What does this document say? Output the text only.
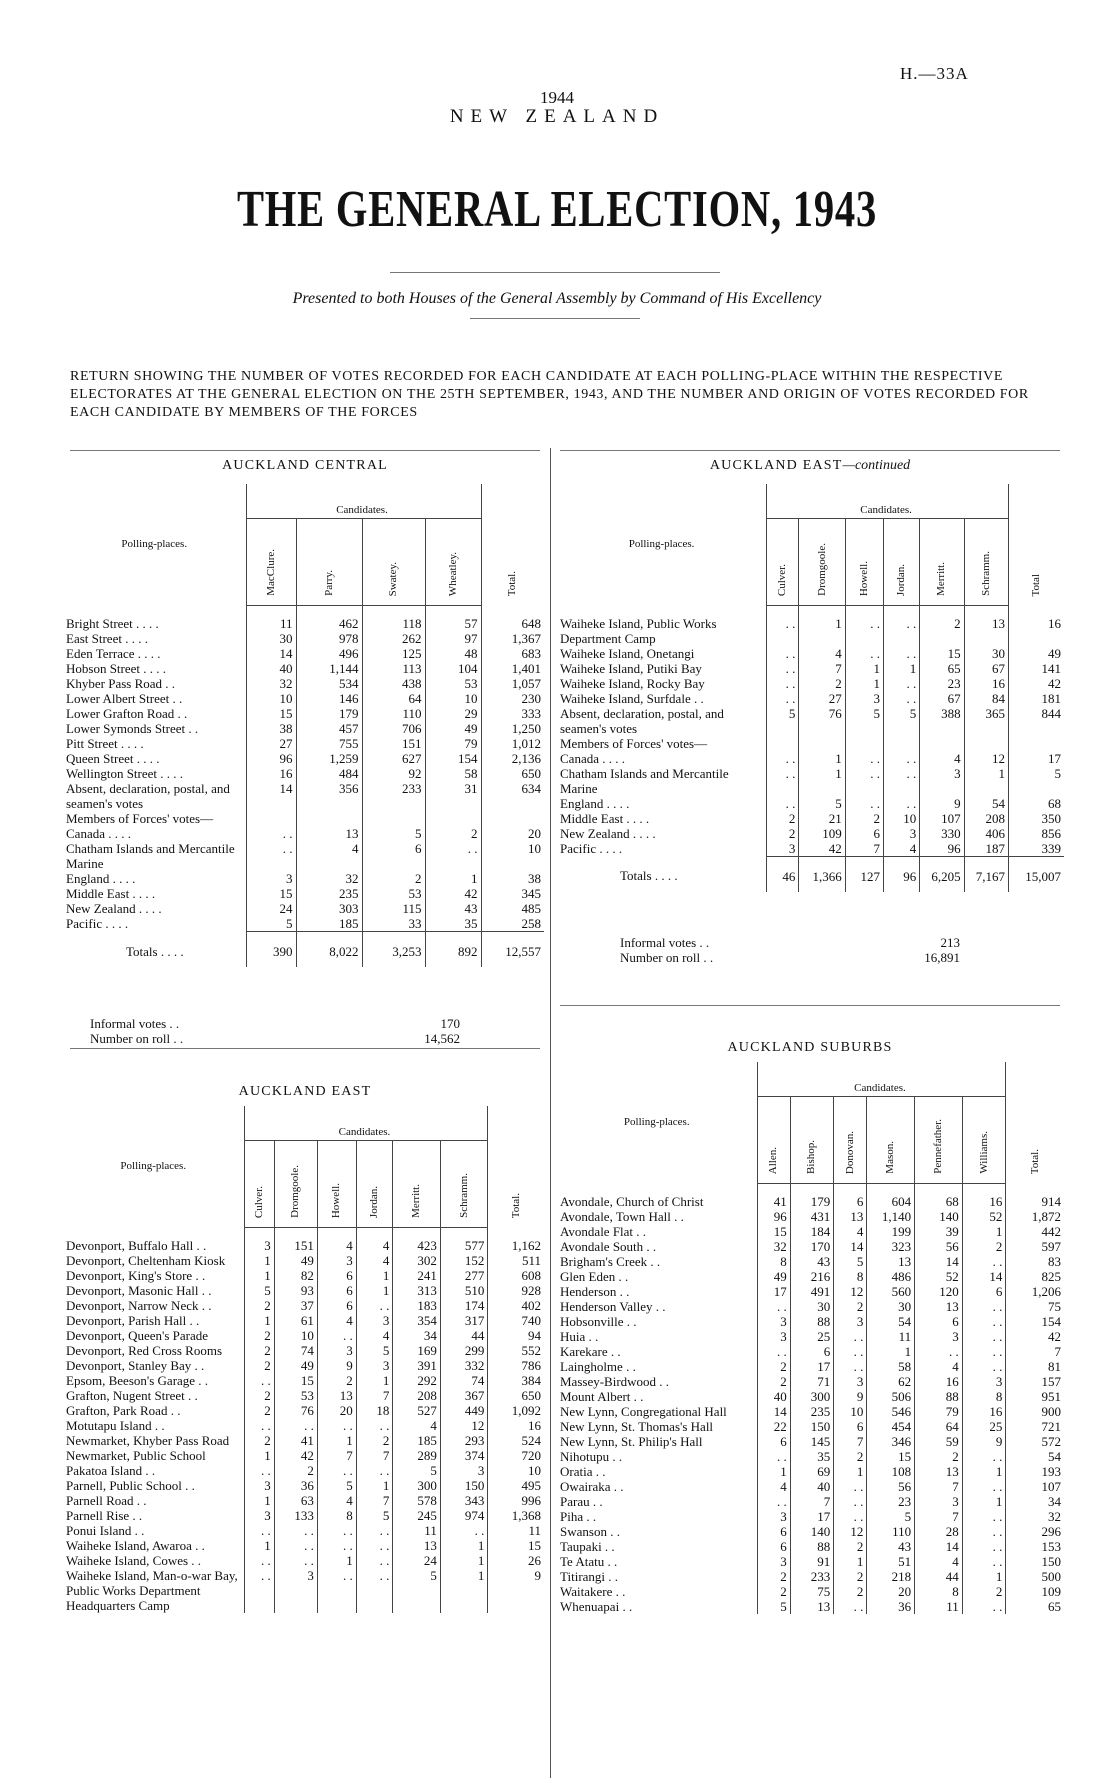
H.—33A
1944
NEW ZEALAND
THE GENERAL ELECTION, 1943
Presented to both Houses of the General Assembly by Command of His Excellency
RETURN SHOWING THE NUMBER OF VOTES RECORDED FOR EACH CANDIDATE AT EACH POLLING-PLACE WITHIN THE RESPECTIVE ELECTORATES AT THE GENERAL ELECTION ON THE 25TH SEPTEMBER, 1943, AND THE NUMBER AND ORIGIN OF VOTES RECORDED FOR EACH CANDIDATE BY MEMBERS OF THE FORCES
AUCKLAND CENTRAL
Polling-places.	Candidates.				Total.
	MacClure.	Parry.	Swatey.	Wheatley.	
Bright Street . . . .	11	462	118	57	648
East Street . . . .	30	978	262	97	1,367
Eden Terrace . . . .	14	496	125	48	683
Hobson Street . . . .	40	1,144	113	104	1,401
Khyber Pass Road . .	32	534	438	53	1,057
Lower Albert Street . .	10	146	64	10	230
Lower Grafton Road . .	15	179	110	29	333
Lower Symonds Street . .	38	457	706	49	1,250
Pitt Street . . . .	27	755	151	79	1,012
Queen Street . . . .	96	1,259	627	154	2,136
Wellington Street . . . .	16	484	92	58	650
Absent, declaration, postal, and seamen's votes	14	356	233	31	634
Members of Forces' votes—					
Canada . . . .	. .	13	5	2	20
Chatham Islands and Mercantile Marine	. .	4	6	. .	10
England . . . .	3	32	2	1	38
Middle East . . . .	15	235	53	42	345
New Zealand . . . .	24	303	115	43	485
Pacific . . . .	5	185	33	35	258
Totals . . . .	390	8,022	3,253	892	12,557
Informal votes . .	170
Number on roll . .	14,562
AUCKLAND EAST
Polling-places.	Candidates.						Total.
	Culver.	Dromgoole.	Howell.	Jordan.	Merritt.	Schramm.	
Devonport, Buffalo Hall . .	3	151	4	4	423	577	1,162
Devonport, Cheltenham Kiosk	1	49	3	4	302	152	511
Devonport, King's Store . .	1	82	6	1	241	277	608
Devonport, Masonic Hall . .	5	93	6	1	313	510	928
Devonport, Narrow Neck . .	2	37	6	. .	183	174	402
Devonport, Parish Hall . .	1	61	4	3	354	317	740
Devonport, Queen's Parade	2	10	. .	4	34	44	94
Devonport, Red Cross Rooms	2	74	3	5	169	299	552
Devonport, Stanley Bay . .	2	49	9	3	391	332	786
Epsom, Beeson's Garage . .	. .	15	2	1	292	74	384
Grafton, Nugent Street . .	2	53	13	7	208	367	650
Grafton, Park Road . .	2	76	20	18	527	449	1,092
Motutapu Island . .	. .	. .	. .	. .	4	12	16
Newmarket, Khyber Pass Road	2	41	1	2	185	293	524
Newmarket, Public School	1	42	7	7	289	374	720
Pakatoa Island . .	. .	2	. .	. .	5	3	10
Parnell, Public School . .	3	36	5	1	300	150	495
Parnell Road . .	1	63	4	7	578	343	996
Parnell Rise . .	3	133	8	5	245	974	1,368
Ponui Island . .	. .	. .	. .	. .	11	. .	11
Waiheke Island, Awaroa . .	1	. .	. .	. .	13	1	15
Waiheke Island, Cowes . .	. .	. .	1	. .	24	1	26
Waiheke Island, Man-o-war Bay, Public Works Department Headquarters Camp	. .	3	. .	. .	5	1	9
AUCKLAND EAST—continued
Polling-places.	Candidates.						Total
	Culver.	Dromgoole.	Howell.	Jordan.	Merritt.	Schramm.	
Waiheke Island, Public Works Department Camp	. .	1	. .	. .	2	13	16
Waiheke Island, Onetangi	. .	4	. .	. .	15	30	49
Waiheke Island, Putiki Bay	. .	7	1	1	65	67	141
Waiheke Island, Rocky Bay	. .	2	1	. .	23	16	42
Waiheke Island, Surfdale . .	. .	27	3	. .	67	84	181
Absent, declaration, postal, and seamen's votes	5	76	5	5	388	365	844
Members of Forces' votes—							
Canada . . . .	. .	1	. .	. .	4	12	17
Chatham Islands and Mercantile Marine	. .	1	. .	. .	3	1	5
England . . . .	. .	5	. .	. .	9	54	68
Middle East . . . .	2	21	2	10	107	208	350
New Zealand . . . .	2	109	6	3	330	406	856
Pacific . . . .	3	42	7	4	96	187	339
Totals . . . .	46	1,366	127	96	6,205	7,167	15,007
Informal votes . .	213
Number on roll . .	16,891
AUCKLAND SUBURBS
Polling-places.	Candidates.						Total.
	Allen.	Bishop.	Donovan.	Mason.	Pennefather.	Williams.	
Avondale, Church of Christ	41	179	6	604	68	16	914
Avondale, Town Hall . .	96	431	13	1,140	140	52	1,872
Avondale Flat . .	15	184	4	199	39	1	442
Avondale South . .	32	170	14	323	56	2	597
Brigham's Creek . .	8	43	5	13	14	. .	83
Glen Eden . .	49	216	8	486	52	14	825
Henderson . .	17	491	12	560	120	6	1,206
Henderson Valley . .	. .	30	2	30	13	. .	75
Hobsonville . .	3	88	3	54	6	. .	154
Huia . .	3	25	. .	11	3	. .	42
Karekare . .	. .	6	. .	1	. .	. .	7
Laingholme . .	2	17	. .	58	4	. .	81
Massey-Birdwood . .	2	71	3	62	16	3	157
Mount Albert . .	40	300	9	506	88	8	951
New Lynn, Congregational Hall	14	235	10	546	79	16	900
New Lynn, St. Thomas's Hall	22	150	6	454	64	25	721
New Lynn, St. Philip's Hall	6	145	7	346	59	9	572
Nihotupu . .	. .	35	2	15	2	. .	54
Oratia . .	1	69	1	108	13	1	193
Owairaka . .	4	40	. .	56	7	. .	107
Parau . .	. .	7	. .	23	3	1	34
Piha . .	3	17	. .	5	7	. .	32
Swanson . .	6	140	12	110	28	. .	296
Taupaki . .	6	88	2	43	14	. .	153
Te Atatu . .	3	91	1	51	4	. .	150
Titirangi . .	2	233	2	218	44	1	500
Waitakere . .	2	75	2	20	8	2	109
Whenuapai . .	5	13	. .	36	11	. .	65
